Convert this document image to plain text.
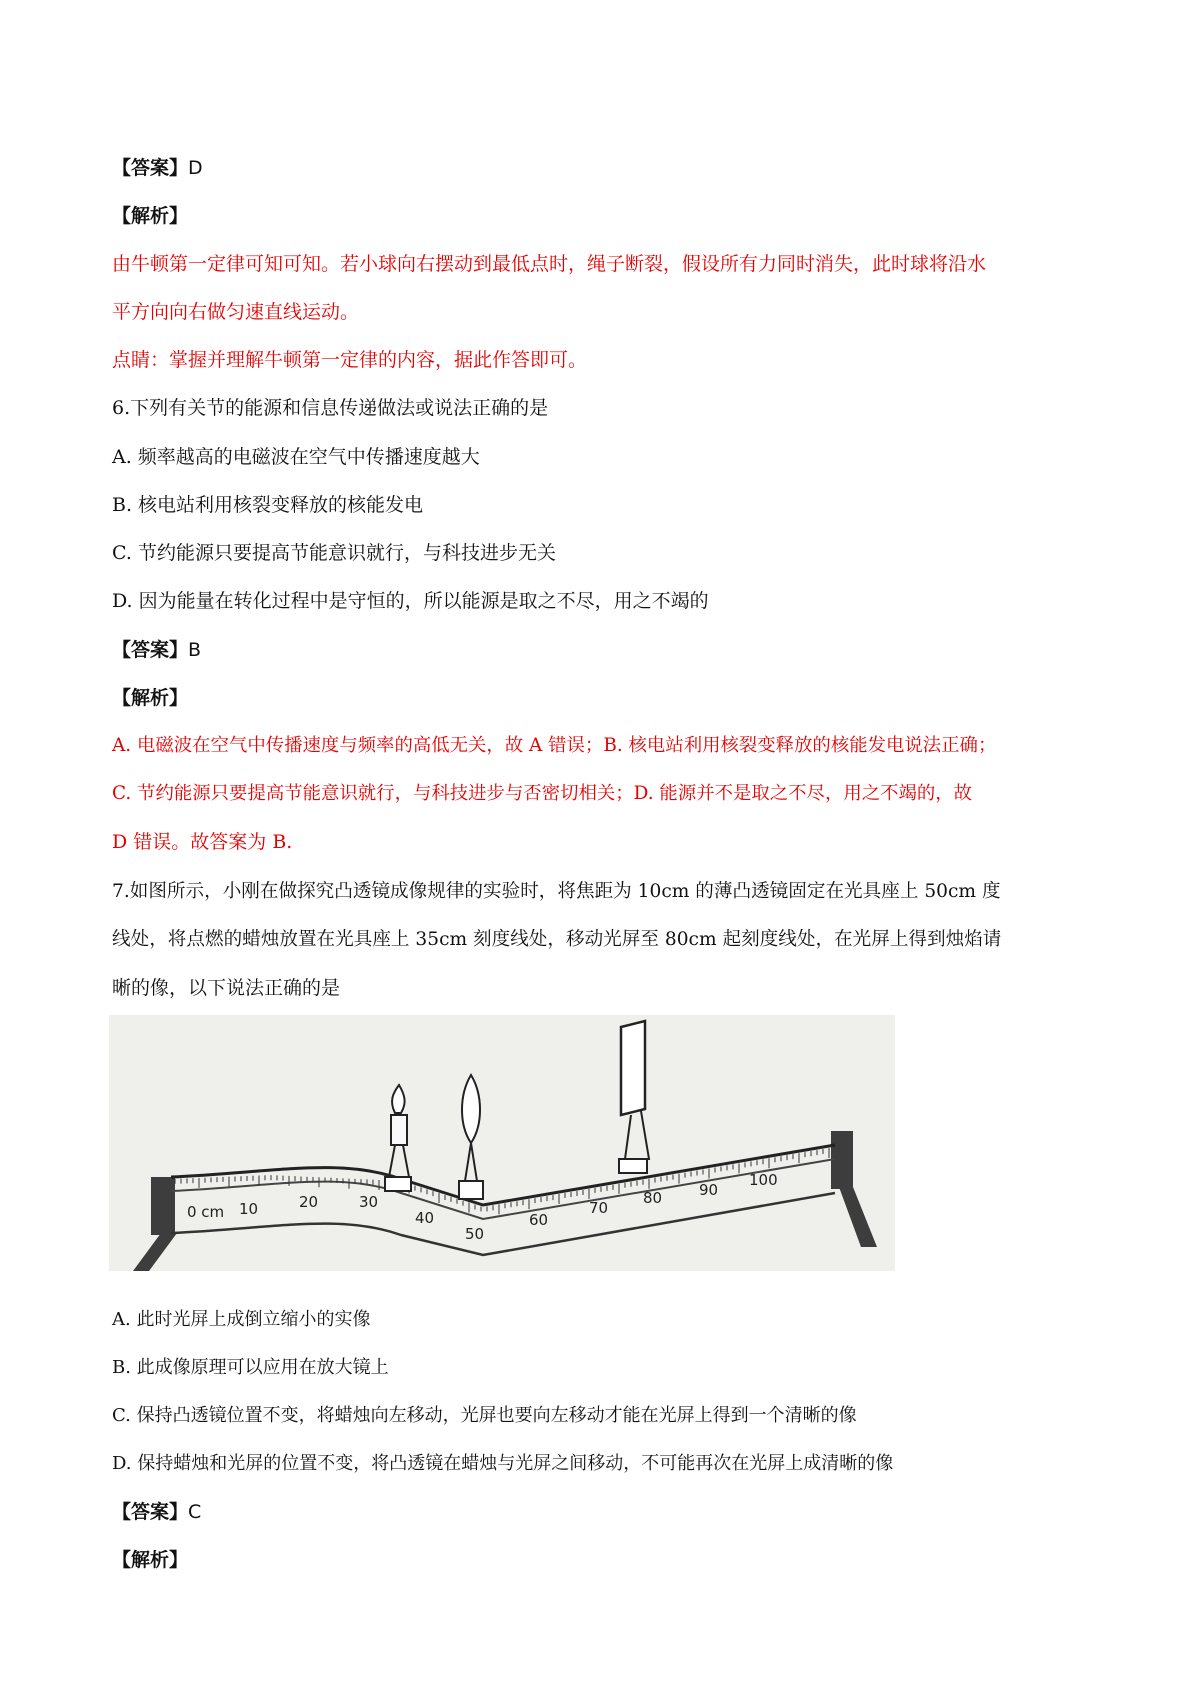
【答案】D
【解析】
由牛顿第一定律可知可知。若小球向右摆动到最低点时，绳子断裂，假设所有力同时消失，此时球将沿水
平方向向右做匀速直线运动。
点睛：掌握并理解牛顿第一定律的内容，据此作答即可。
6.下列有关节的能源和信息传递做法或说法正确的是
A. 频率越高的电磁波在空气中传播速度越大
B. 核电站利用核裂变释放的核能发电
C. 节约能源只要提高节能意识就行，与科技进步无关
D. 因为能量在转化过程中是守恒的，所以能源是取之不尽，用之不竭的
【答案】B
【解析】
A. 电磁波在空气中传播速度与频率的高低无关，故 A 错误；B. 核电站利用核裂变释放的核能发电说法正确；
C. 节约能源只要提高节能意识就行，与科技进步与否密切相关；D. 能源并不是取之不尽，用之不竭的，故
D 错误。故答案为 B.
7.如图所示，小刚在做探究凸透镜成像规律的实验时，将焦距为 10cm 的薄凸透镜固定在光具座上 50cm 度
线处，将点燃的蜡烛放置在光具座上 35cm 刻度线处，移动光屏至 80cm 起刻度线处，在光屏上得到烛焰请
晰的像，以下说法正确的是
0 cm 10	20	30
40
50
60
70
80 90
100
A. 此时光屏上成倒立缩小的实像
B. 此成像原理可以应用在放大镜上
C. 保持凸透镜位置不变，将蜡烛向左移动，光屏也要向左移动才能在光屏上得到一个清晰的像
D. 保持蜡烛和光屏的位置不变，将凸透镜在蜡烛与光屏之间移动，不可能再次在光屏上成清晰的像
【答案】C
【解析】
